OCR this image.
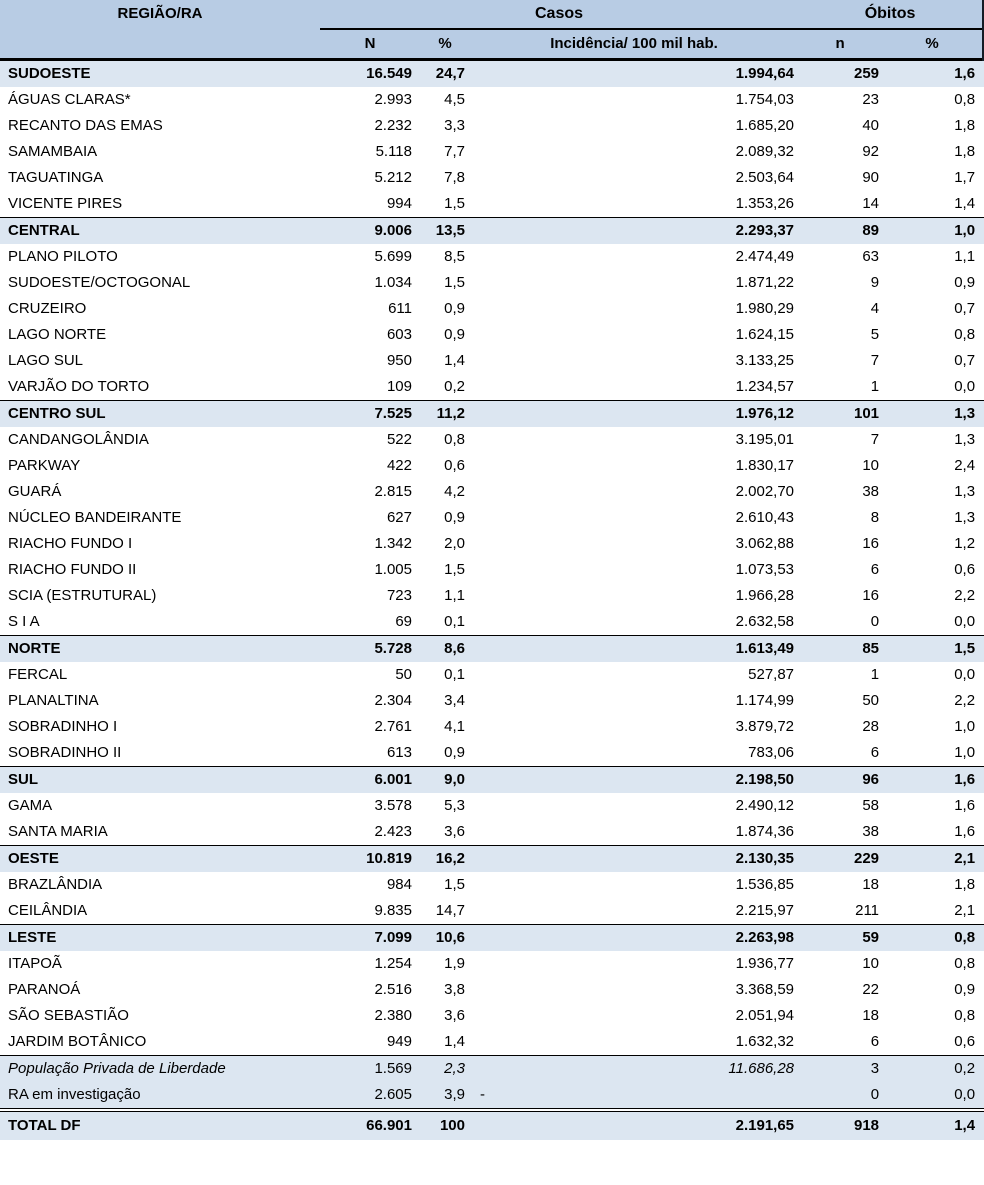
REGIÃO/RA	Casos			Óbitos	
	N	%	Incidência/ 100 mil hab.	n	%
SUDOESTE	16.549	24,7	1.994,64	259	1,6
ÁGUAS CLARAS*	2.993	4,5	1.754,03	23	0,8
RECANTO DAS EMAS	2.232	3,3	1.685,20	40	1,8
SAMAMBAIA	5.118	7,7	2.089,32	92	1,8
TAGUATINGA	5.212	7,8	2.503,64	90	1,7
VICENTE PIRES	994	1,5	1.353,26	14	1,4
CENTRAL	9.006	13,5	2.293,37	89	1,0
PLANO PILOTO	5.699	8,5	2.474,49	63	1,1
SUDOESTE/OCTOGONAL	1.034	1,5	1.871,22	9	0,9
CRUZEIRO	611	0,9	1.980,29	4	0,7
LAGO NORTE	603	0,9	1.624,15	5	0,8
LAGO SUL	950	1,4	3.133,25	7	0,7
VARJÃO DO TORTO	109	0,2	1.234,57	1	0,0
CENTRO SUL	7.525	11,2	1.976,12	101	1,3
CANDANGOLÂNDIA	522	0,8	3.195,01	7	1,3
PARKWAY	422	0,6	1.830,17	10	2,4
GUARÁ	2.815	4,2	2.002,70	38	1,3
NÚCLEO BANDEIRANTE	627	0,9	2.610,43	8	1,3
RIACHO FUNDO I	1.342	2,0	3.062,88	16	1,2
RIACHO FUNDO II	1.005	1,5	1.073,53	6	0,6
SCIA (ESTRUTURAL)	723	1,1	1.966,28	16	2,2
S I A	69	0,1	2.632,58	0	0,0
NORTE	5.728	8,6	1.613,49	85	1,5
FERCAL	50	0,1	527,87	1	0,0
PLANALTINA	2.304	3,4	1.174,99	50	2,2
SOBRADINHO I	2.761	4,1	3.879,72	28	1,0
SOBRADINHO II	613	0,9	783,06	6	1,0
SUL	6.001	9,0	2.198,50	96	1,6
GAMA	3.578	5,3	2.490,12	58	1,6
SANTA MARIA	2.423	3,6	1.874,36	38	1,6
OESTE	10.819	16,2	2.130,35	229	2,1
BRAZLÂNDIA	984	1,5	1.536,85	18	1,8
CEILÂNDIA	9.835	14,7	2.215,97	211	2,1
LESTE	7.099	10,6	2.263,98	59	0,8
ITAPOÃ	1.254	1,9	1.936,77	10	0,8
PARANOÁ	2.516	3,8	3.368,59	22	0,9
SÃO SEBASTIÃO	2.380	3,6	2.051,94	18	0,8
JARDIM BOTÂNICO	949	1,4	1.632,32	6	0,6
População Privada de Liberdade	1.569	2,3	11.686,28	3	0,2
RA em investigação	2.605	3,9	-	0	0,0
TOTAL DF	66.901	100	2.191,65	918	1,4
